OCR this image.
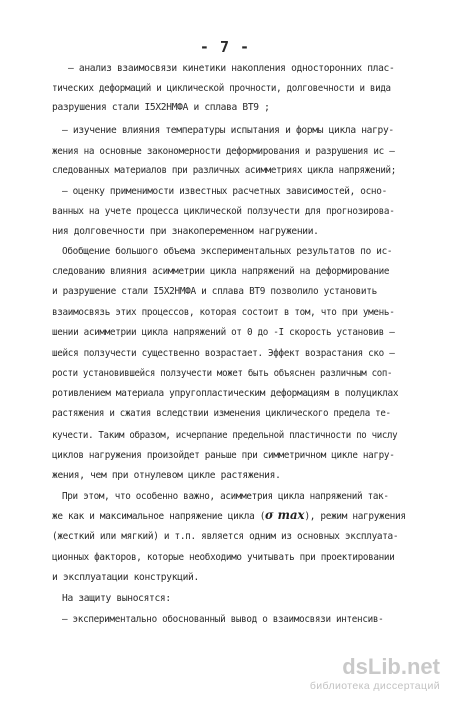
- 7 -
– анализ взаимосвязи кинетики накопления односторонних плас-
тических деформаций и циклической прочности, долговечности и вида
разрушения стали I5Х2НМФА и сплава ВТ9 ;
– изучение влияния температуры испытания и формы цикла нагру-
жения на основные закономерности деформирования и разрушения ис –
следованных материалов при различных асимметриях цикла напряжений;
– оценку применимости известных расчетных зависимостей, осно-
ванных на учете процесса циклической ползучести для прогнозирова-
ния долговечности при знакопеременном нагружении.
Обобщение большого объема экспериментальных результатов по ис-
следованию влияния асимметрии цикла напряжений на деформирование
и разрушение стали I5Х2НМФА и сплава ВТ9 позволило установить
взаимосвязь этих процессов, которая состоит в том, что при умень-
шении асимметрии цикла напряжений от 0 до -I скорость установив –
шейся ползучести существенно возрастает. Эффект возрастания ско –
рости установившейся ползучести может быть объяснен различным соп-
ротивлением материала упругопластическим деформациям в полуциклах
растяжения и сжатия вследствии изменения циклического предела те-
кучести. Таким образом, исчерпание предельной пластичности по числу
циклов нагружения произойдет раньше при симметричном цикле нагру-
жения, чем при отнулевом цикле растяжения.
При этом, что особенно важно, асимметрия цикла напряжений так-
же как и максимальное напряжение цикла (σ max), режим нагружения
(жесткий или мягкий) и т.п. является одним из основных эксплуата-
ционных факторов, которые необходимо учитывать при проектировании
и эксплуатации конструкций.
На защиту выносятся:
– экспериментально обоснованный вывод о взаимосвязи интенсив-
dsLib.net
библиотека диссертаций
